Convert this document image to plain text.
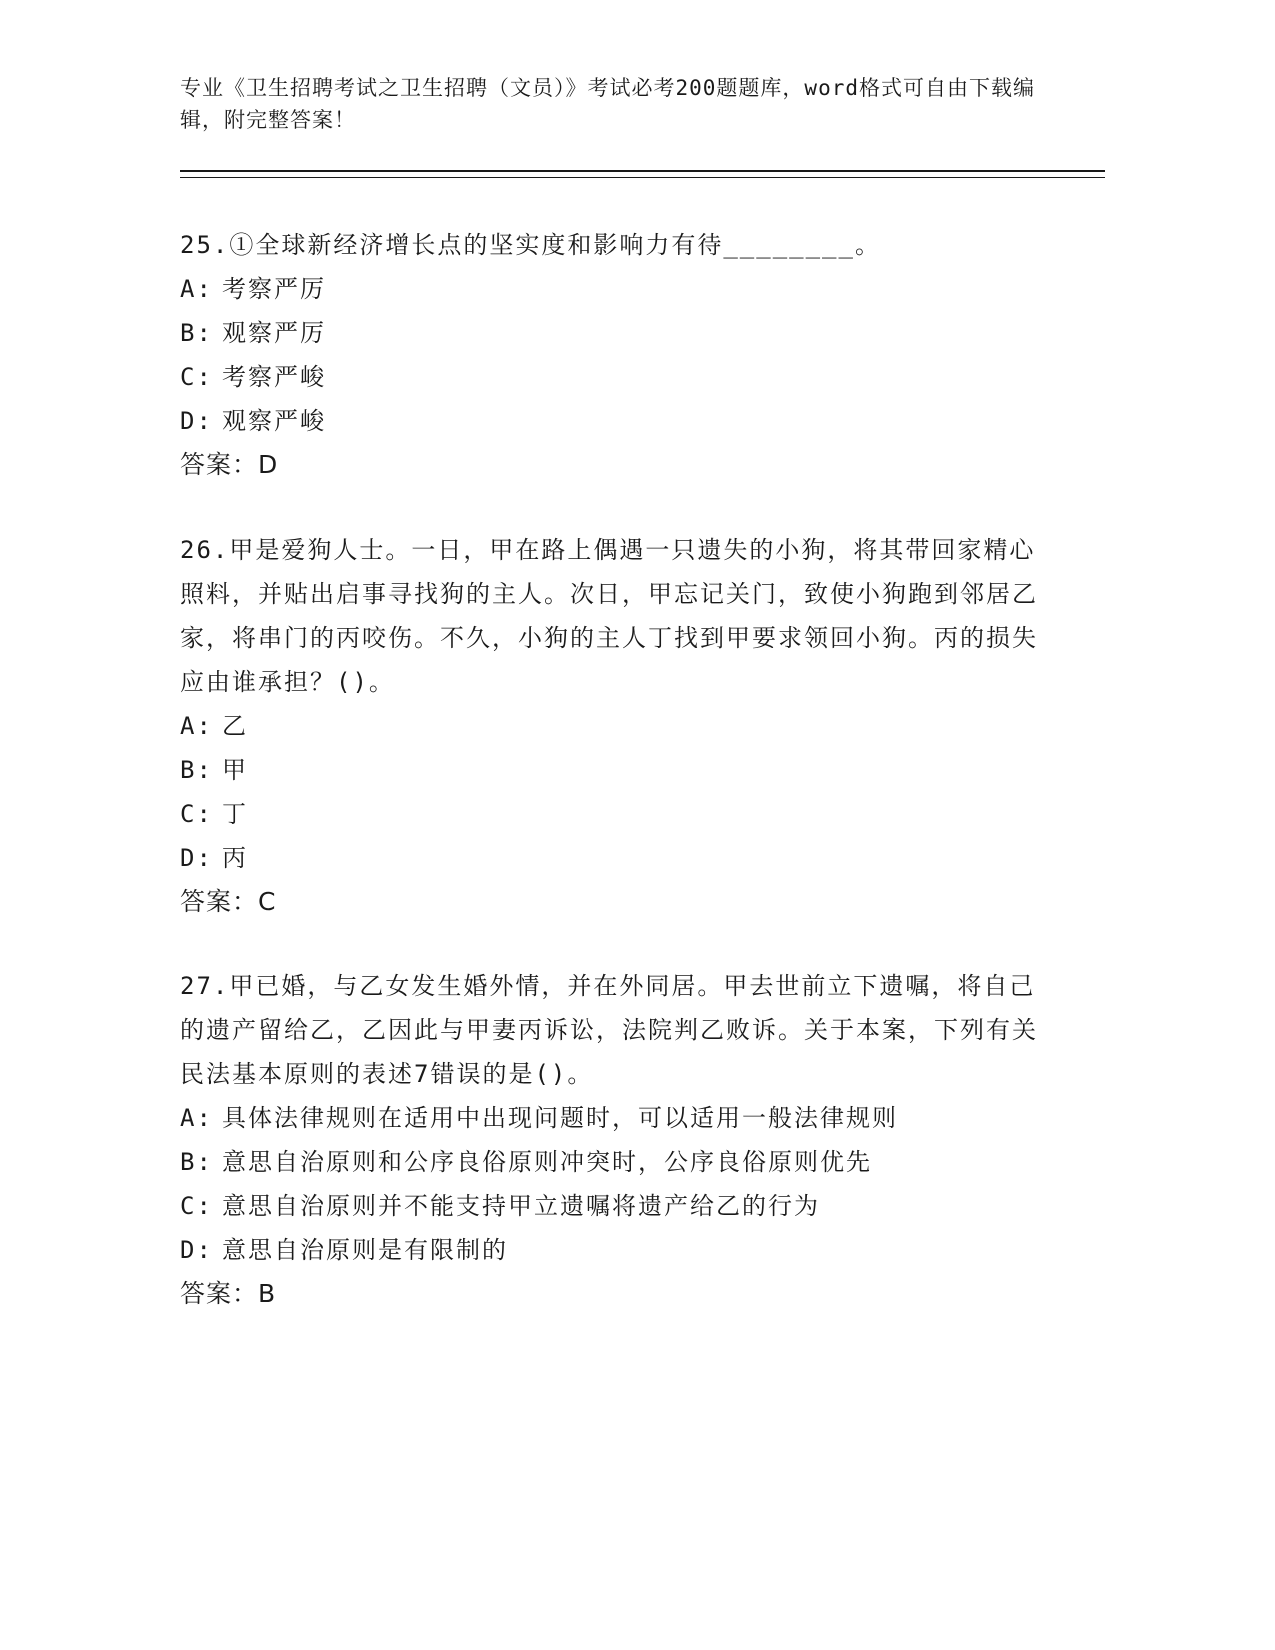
专业《卫生招聘考试之卫生招聘（文员）》考试必考200题题库，word格式可自由下载编辑，附完整答案！

25.①全球新经济增长点的坚实度和影响力有待________。

A: 考察严厉

B: 观察严厉

C: 考察严峻

D: 观察严峻

答案：D

26.甲是爱狗人士。一日，甲在路上偶遇一只遗失的小狗，将其带回家精心照料，并贴出启事寻找狗的主人。次日，甲忘记关门，致使小狗跑到邻居乙家，将串门的丙咬伤。不久，小狗的主人丁找到甲要求领回小狗。丙的损失应由谁承担？()。

A: 乙

B: 甲

C: 丁

D: 丙

答案：C

27.甲已婚，与乙女发生婚外情，并在外同居。甲去世前立下遗嘱，将自己的遗产留给乙，乙因此与甲妻丙诉讼，法院判乙败诉。关于本案，下列有关民法基本原则的表述7错误的是()。

A: 具体法律规则在适用中出现问题时，可以适用一般法律规则

B: 意思自治原则和公序良俗原则冲突时，公序良俗原则优先

C: 意思自治原则并不能支持甲立遗嘱将遗产给乙的行为

D: 意思自治原则是有限制的

答案：B
